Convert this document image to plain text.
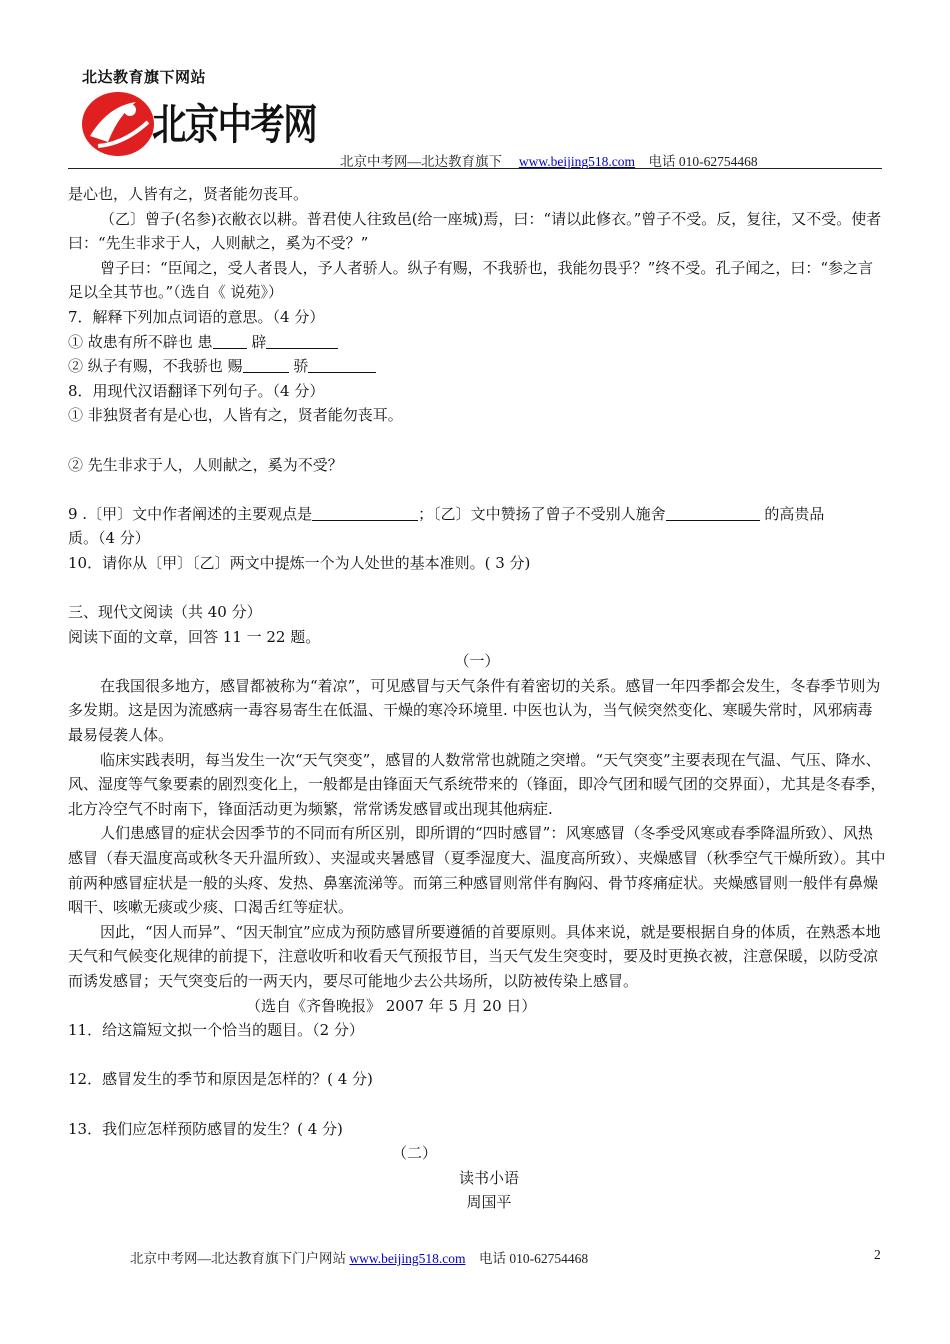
北达教育旗下网站
北京中考网
北京中考网—北达教育旗下 www.beijing518.com 电话 010-62754468

是心也，人皆有之，贤者能勿丧耳。

（乙〕曾子(名参)衣敝衣以耕。普君使人往致邑(给一座城)焉，曰：“请以此修衣。”曾子不受。反，复往，又不受。使者曰：“先生非求于人，人则献之，奚为不受？”

曾子曰：“臣闻之，受人者畏人，予人者骄人。纵子有赐，不我骄也，我能勿畏乎？”终不受。孔子闻之，曰：“参之言足以全其节也。”（选自《 说苑》）

7．解释下列加点词语的意思。（4 分）

① 故患有所不辟也 患 辟

② 纵子有赐，不我骄也 赐	骄

8．用现代汉语翻译下列句子。（4 分）

① 非独贤者有是心也，人皆有之，贤者能勿丧耳。

② 先生非求于人，人则献之，奚为不受？

9 .〔甲〕文中作者阐述的主要观点是	；〔乙〕文中赞扬了曾子不受别人施舍	的高贵品

质。（4 分）

10．请你从〔甲〕〔乙〕两文中提炼一个为人处世的基本准则。( 3 分)

三、现代文阅读（共 40 分）

阅读下面的文章，回答 11 一 22 题。

（一）

在我国很多地方，感冒都被称为“着凉”，可见感冒与天气条件有着密切的关系。感冒一年四季都会发生，冬春季节则为多发期。这是因为流感病一毒容易寄生在低温、干燥的寒冷环境里. 中医也认为，当气候突然变化、寒暖失常时，风邪病毒最易侵袭人体。

临床实践表明，每当发生一次“天气突变”，感冒的人数常常也就随之突增。“天气突变”主要表现在气温、气压、降水、风、湿度等气象要素的剧烈变化上，一般都是由锋面天气系统带来的（锋面，即冷气团和暖气团的交界面），尤其是冬春季，北方冷空气不时南下，锋面活动更为频繁，常常诱发感冒或出现其他病症.

人们患感冒的症状会因季节的不同而有所区别，即所谓的“四时感冒”：风寒感冒（冬季受风寒或春季降温所致）、风热感冒（春天温度高或秋冬天升温所致）、夹湿或夹暑感冒（夏季湿度大、温度高所致）、夹燥感冒（秋季空气干燥所致）。其中前两种感冒症状是一般的头疼、发热、鼻塞流涕等。而第三种感冒则常伴有胸闷、骨节疼痛症状。夹燥感冒则一般伴有鼻燥咽干、咳嗽无痰或少痰、口渴舌红等症状。

因此，“因人而异”、“因天制宜”应成为预防感冒所要遵循的首要原则。具体来说，就是要根据自身的体质，在熟悉本地天气和气候变化规律的前提下，注意收听和收看天气预报节目，当天气发生突变时，要及时更换衣被，注意保暖，以防受凉而诱发感冒；天气突变后的一两天内，要尽可能地少去公共场所，以防被传染上感冒。

（选自《齐鲁晚报》 2007 年 5 月 20 日）

11．给这篇短文拟一个恰当的题目。（2 分）

12．感冒发生的季节和原因是怎样的？( 4 分)

13．我们应怎样预防感冒的发生？( 4 分)

（二）

读书小语

周国平

北京中考网—北达教育旗下门户网站 www.beijing518.com 电话 010-62754468	2
